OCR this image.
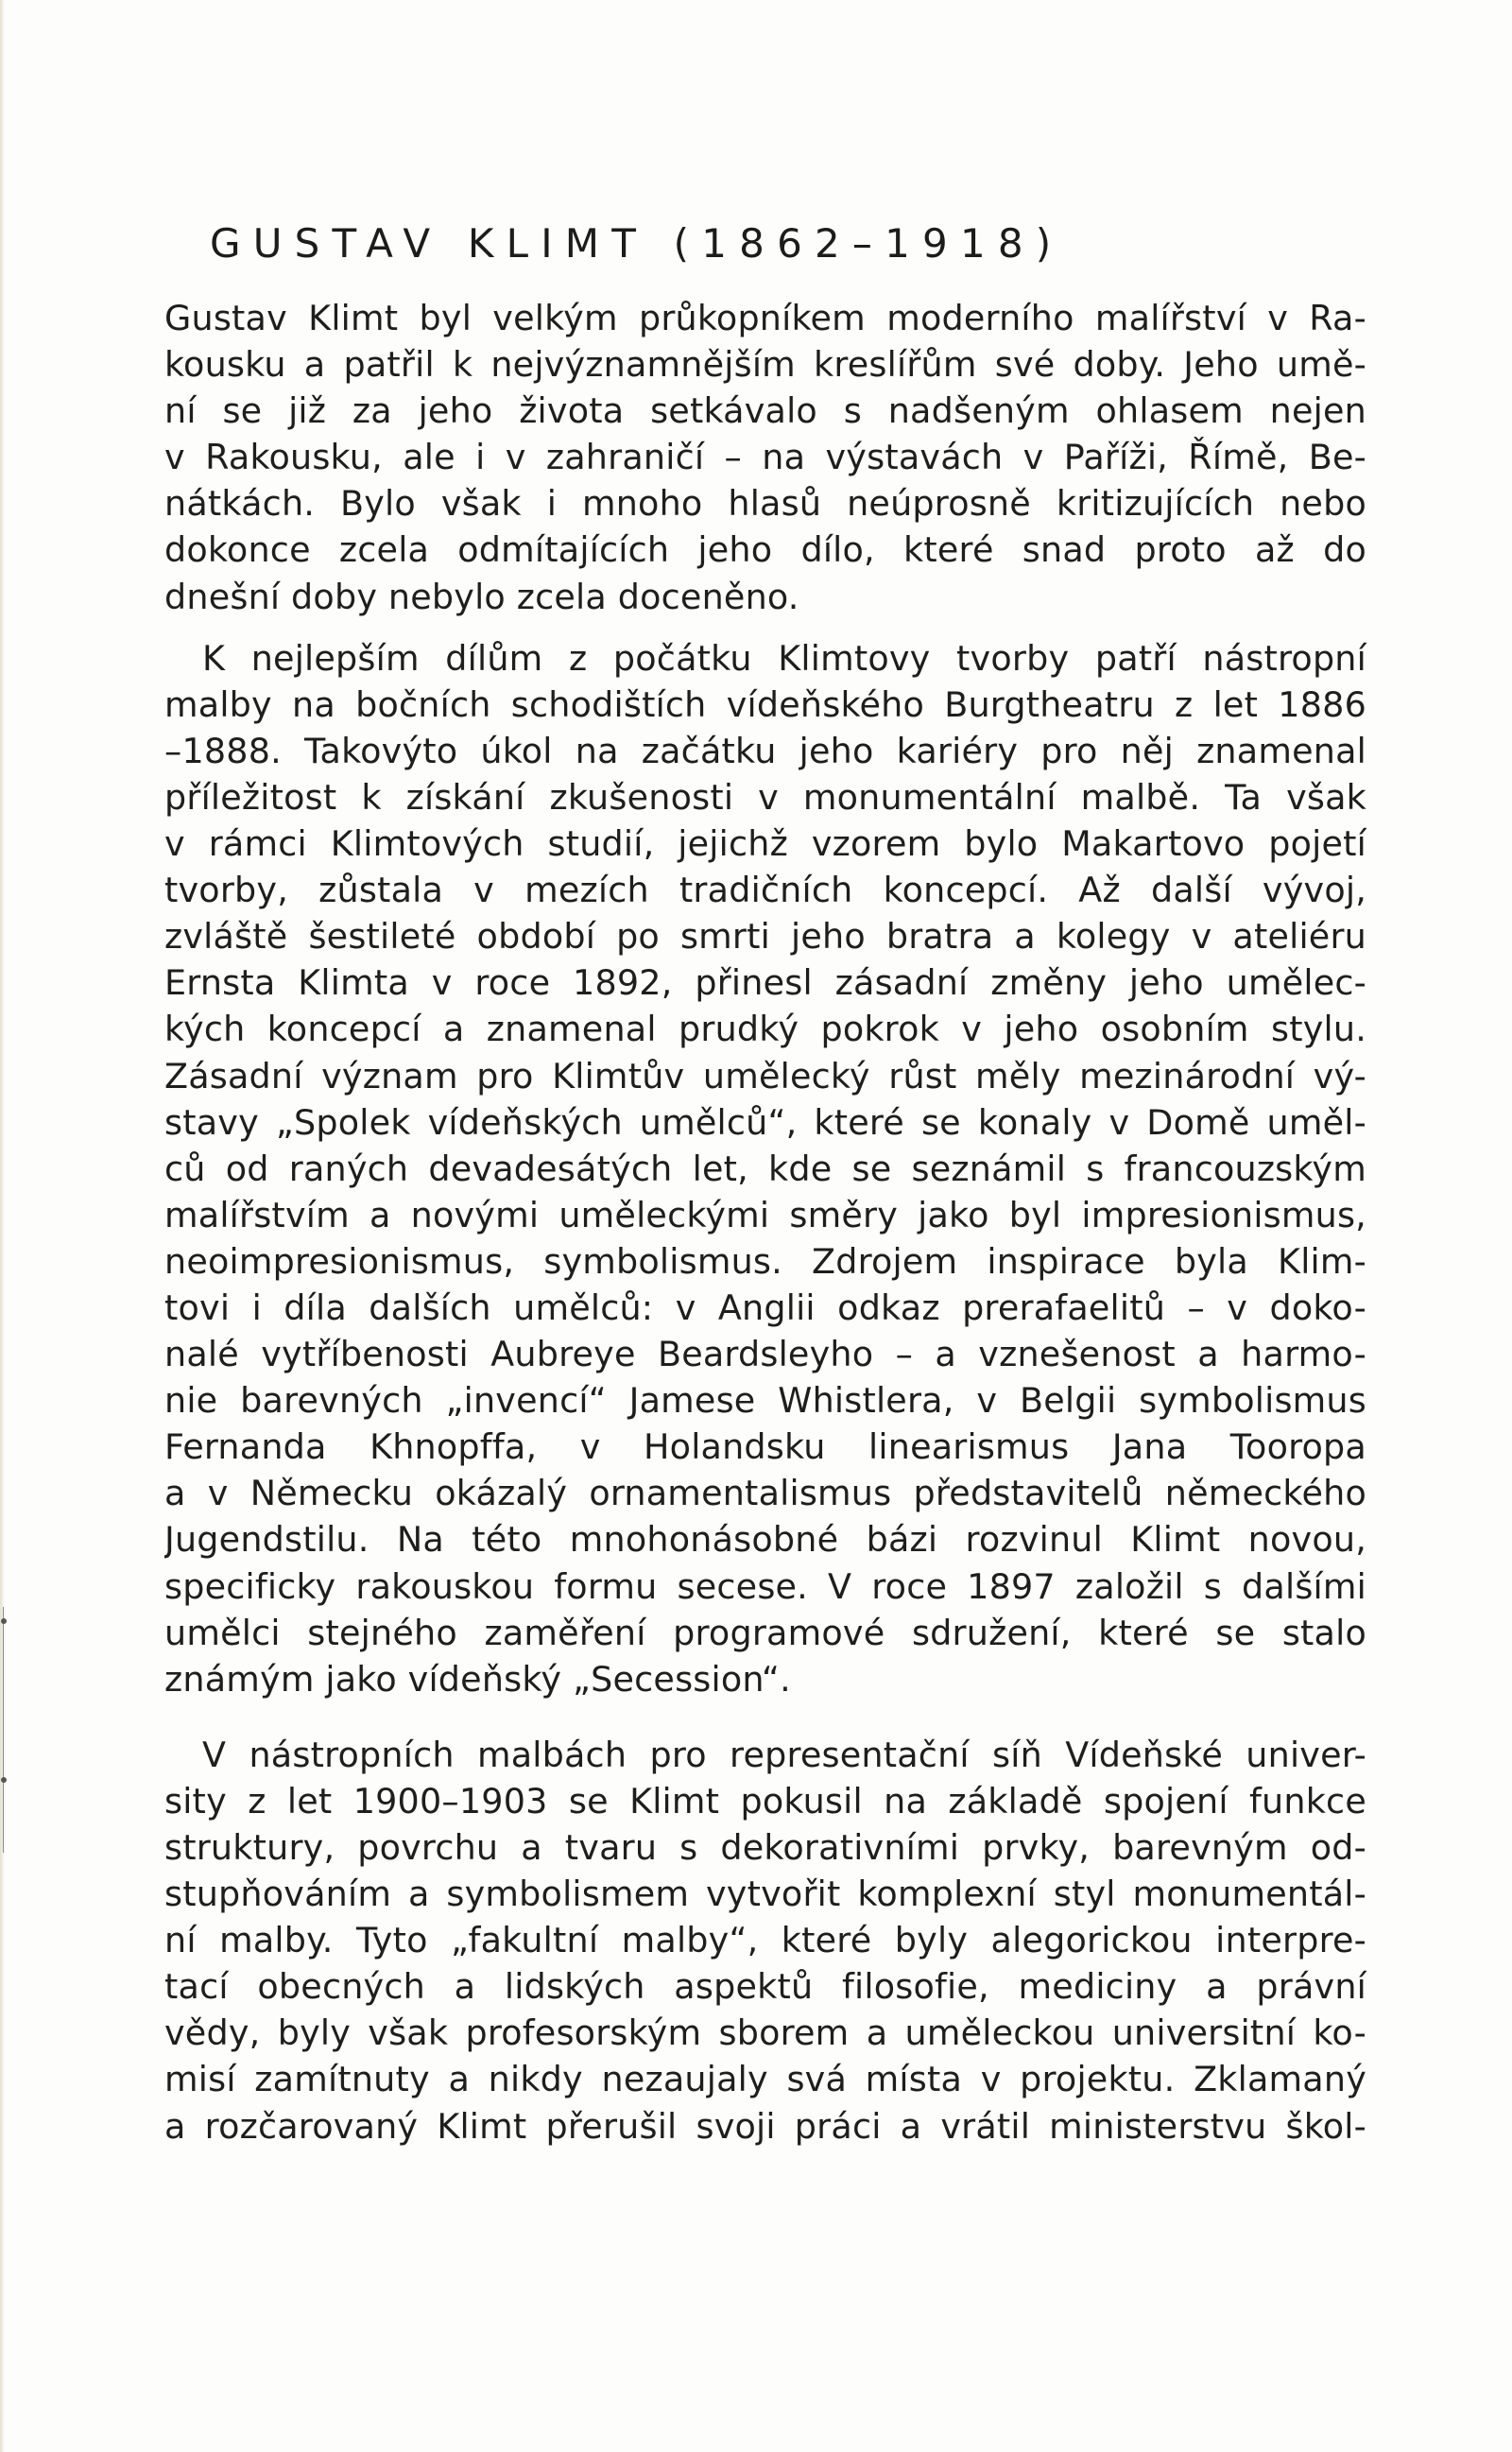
GUSTAV KLIMT (1862–1918)
Gustav Klimt byl velkým průkopníkem moderního malířství v Ra-
kousku a patřil k nejvýznamnějším kreslířům své doby. Jeho umě-
ní se již za jeho života setkávalo s nadšeným ohlasem nejen
v Rakousku, ale i v zahraničí – na výstavách v Paříži, Římě, Be-
nátkách. Bylo však i mnoho hlasů neúprosně kritizujících nebo
dokonce zcela odmítajících jeho dílo, které snad proto až do
dnešní doby nebylo zcela doceněno.
K nejlepším dílům z počátku Klimtovy tvorby patří nástropní
malby na bočních schodištích vídeňského Burgtheatru z let 1886
–1888. Takovýto úkol na začátku jeho kariéry pro něj znamenal
příležitost k získání zkušenosti v monumentální malbě. Ta však
v rámci Klimtových studií, jejichž vzorem bylo Makartovo pojetí
tvorby, zůstala v mezích tradičních koncepcí. Až další vývoj,
zvláště šestileté období po smrti jeho bratra a kolegy v ateliéru
Ernsta Klimta v roce 1892, přinesl zásadní změny jeho umělec-
kých koncepcí a znamenal prudký pokrok v jeho osobním stylu.
Zásadní význam pro Klimtův umělecký růst měly mezinárodní vý-
stavy „Spolek vídeňských umělců“, které se konaly v Domě uměl-
ců od raných devadesátých let, kde se seznámil s francouzským
malířstvím a novými uměleckými směry jako byl impresionismus,
neoimpresionismus, symbolismus. Zdrojem inspirace byla Klim-
tovi i díla dalších umělců: v Anglii odkaz prerafaelitů – v doko-
nalé vytříbenosti Aubreye Beardsleyho – a vznešenost a harmo-
nie barevných „invencí“ Jamese Whistlera, v Belgii symbolismus
Fernanda Khnopffa, v Holandsku linearismus Jana Tooropa
a v Německu okázalý ornamentalismus představitelů německého
Jugendstilu. Na této mnohonásobné bázi rozvinul Klimt novou,
specificky rakouskou formu secese. V roce 1897 založil s dalšími
umělci stejného zaměření programové sdružení, které se stalo
známým jako vídeňský „Secession“.
V nástropních malbách pro representační síň Vídeňské univer-
sity z let 1900–1903 se Klimt pokusil na základě spojení funkce
struktury, povrchu a tvaru s dekorativními prvky, barevným od-
stupňováním a symbolismem vytvořit komplexní styl monumentál-
ní malby. Tyto „fakultní malby“, které byly alegorickou interpre-
tací obecných a lidských aspektů filosofie, mediciny a právní
vědy, byly však profesorským sborem a uměleckou universitní ko-
misí zamítnuty a nikdy nezaujaly svá místa v projektu. Zklamaný
a rozčarovaný Klimt přerušil svoji práci a vrátil ministerstvu škol-
